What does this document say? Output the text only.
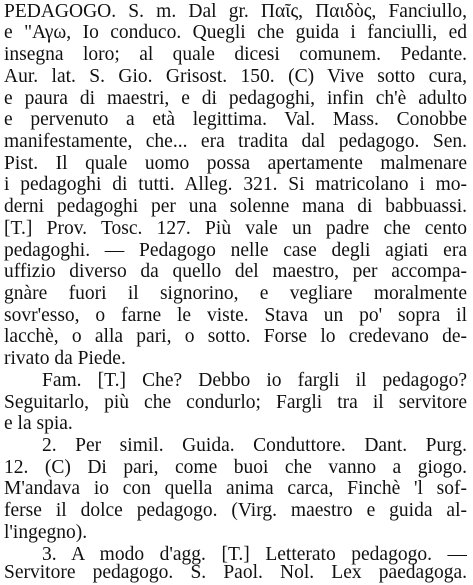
PEDAGOGO. S. m. Dal gr. Παῖς, Παιδὸς, Fanciullo,
e "Αγω, Io conduco. Quegli che guida i fanciulli, ed
insegna loro; al quale dicesi comunem. Pedante.
Aur. lat. S. Gio. Grisost. 150. (C) Vive sotto cura,
e paura di maestri, e di pedagoghi, infin ch'è adulto
e pervenuto a età legittima. Val. Mass. Conobbe
manifestamente, che... era tradita dal pedagogo. Sen.
Pist. Il quale uomo possa apertamente malmenare
i pedagoghi di tutti. Alleg. 321. Si matricolano i mo-
derni pedagoghi per una solenne mana di babbuassi.
[T.] Prov. Tosc. 127. Più vale un padre che cento
pedagoghi. — Pedagogo nelle case degli agiati era
uffizio diverso da quello del maestro, per accompa-
gnàre fuori il signorino, e vegliare moralmente
sovr'esso, o farne le viste. Stava un po' sopra il
lacchè, o alla pari, o sotto. Forse lo credevano de-
rivato da Piede.
Fam. [T.] Che? Debbo io fargli il pedagogo?
Seguitarlo, più che condurlo; Fargli tra il servitore
e la spia.
2. Per simil. Guida. Conduttore. Dant. Purg.
12. (C) Di pari, come buoi che vanno a giogo.
M'andava io con quella anima carca, Finchè 'l sof-
ferse il dolce pedagogo. (Virg. maestro e guida al-
l'ingegno).
3. A modo d'agg. [T.] Letterato pedagogo. —
Servitore pedagogo. S. Paol. Nol. Lex paedagoga.
